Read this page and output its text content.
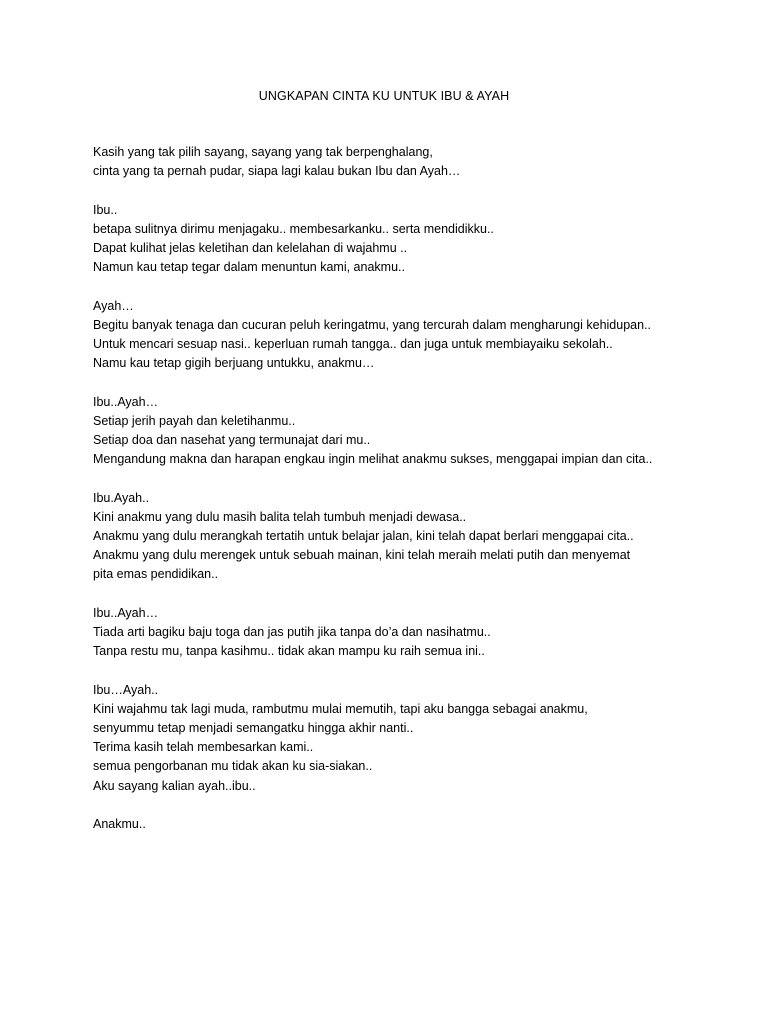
UNGKAPAN CINTA KU UNTUK IBU & AYAH
Kasih yang tak pilih sayang, sayang yang tak berpenghalang,
cinta yang ta pernah pudar, siapa lagi kalau bukan Ibu dan Ayah…
Ibu..
betapa sulitnya dirimu menjagaku.. membesarkanku.. serta mendidikku..
Dapat kulihat jelas keletihan dan kelelahan di wajahmu ..
Namun kau tetap tegar dalam menuntun kami, anakmu..
Ayah…
Begitu banyak tenaga dan cucuran peluh keringatmu, yang tercurah dalam mengharungi kehidupan..
Untuk mencari sesuap nasi.. keperluan rumah tangga.. dan juga untuk membiayaiku sekolah..
Namu kau tetap gigih berjuang untukku, anakmu…
Ibu..Ayah…
Setiap jerih payah dan keletihanmu..
Setiap doa dan nasehat yang termunajat dari mu..
Mengandung makna dan harapan engkau ingin melihat anakmu sukses, menggapai impian dan cita..
Ibu.Ayah..
Kini anakmu yang dulu masih balita telah tumbuh menjadi dewasa..
Anakmu yang dulu merangkah tertatih untuk belajar jalan, kini telah dapat berlari menggapai cita..
Anakmu yang dulu merengek untuk sebuah mainan, kini telah meraih melati putih dan menyemat
pita emas pendidikan..
Ibu..Ayah…
Tiada arti bagiku baju toga dan jas putih jika tanpa do’a dan nasihatmu..
Tanpa restu mu, tanpa kasihmu.. tidak akan mampu ku raih semua ini..
Ibu…Ayah..
Kini wajahmu tak lagi muda, rambutmu mulai memutih, tapi aku bangga sebagai anakmu,
senyummu tetap menjadi semangatku hingga akhir nanti..
Terima kasih telah membesarkan kami..
semua pengorbanan mu tidak akan ku sia-siakan..
Aku sayang kalian ayah..ibu..
Anakmu..
